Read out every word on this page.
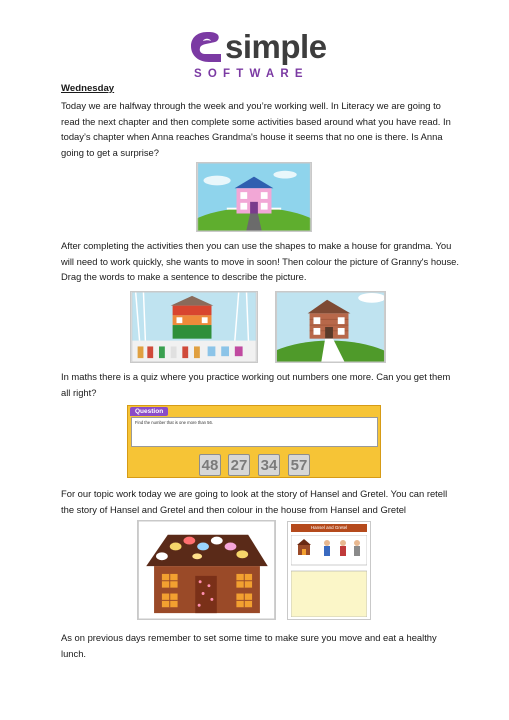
simple
SOFTWARE
Wednesday

Today we are halfway through the week and you’re working well. In Literacy we are going to read the next chapter and then complete some activities based around what you have read. In today’s chapter when Anna reaches Grandma's house it seems that no one is there. Is Anna going to get a surprise?

After completing the activities then you can use the shapes to make a house for grandma. You will need to work quickly, she wants to move in soon! Then colour the picture of Granny's house. Drag the words to make a sentence to describe the picture.

In maths there is a quiz where you practice working out numbers one more. Can you get them all right?

Question
Find the number that is one more than 56.
48 27 34 57

For our topic work today we are going to look at the story of Hansel and Gretel. You can retell the story of Hansel and Gretel and then colour in the house from Hansel and Gretel

Hansel and Gretel

As on previous days remember to set some time to make sure you move and eat a healthy lunch.
